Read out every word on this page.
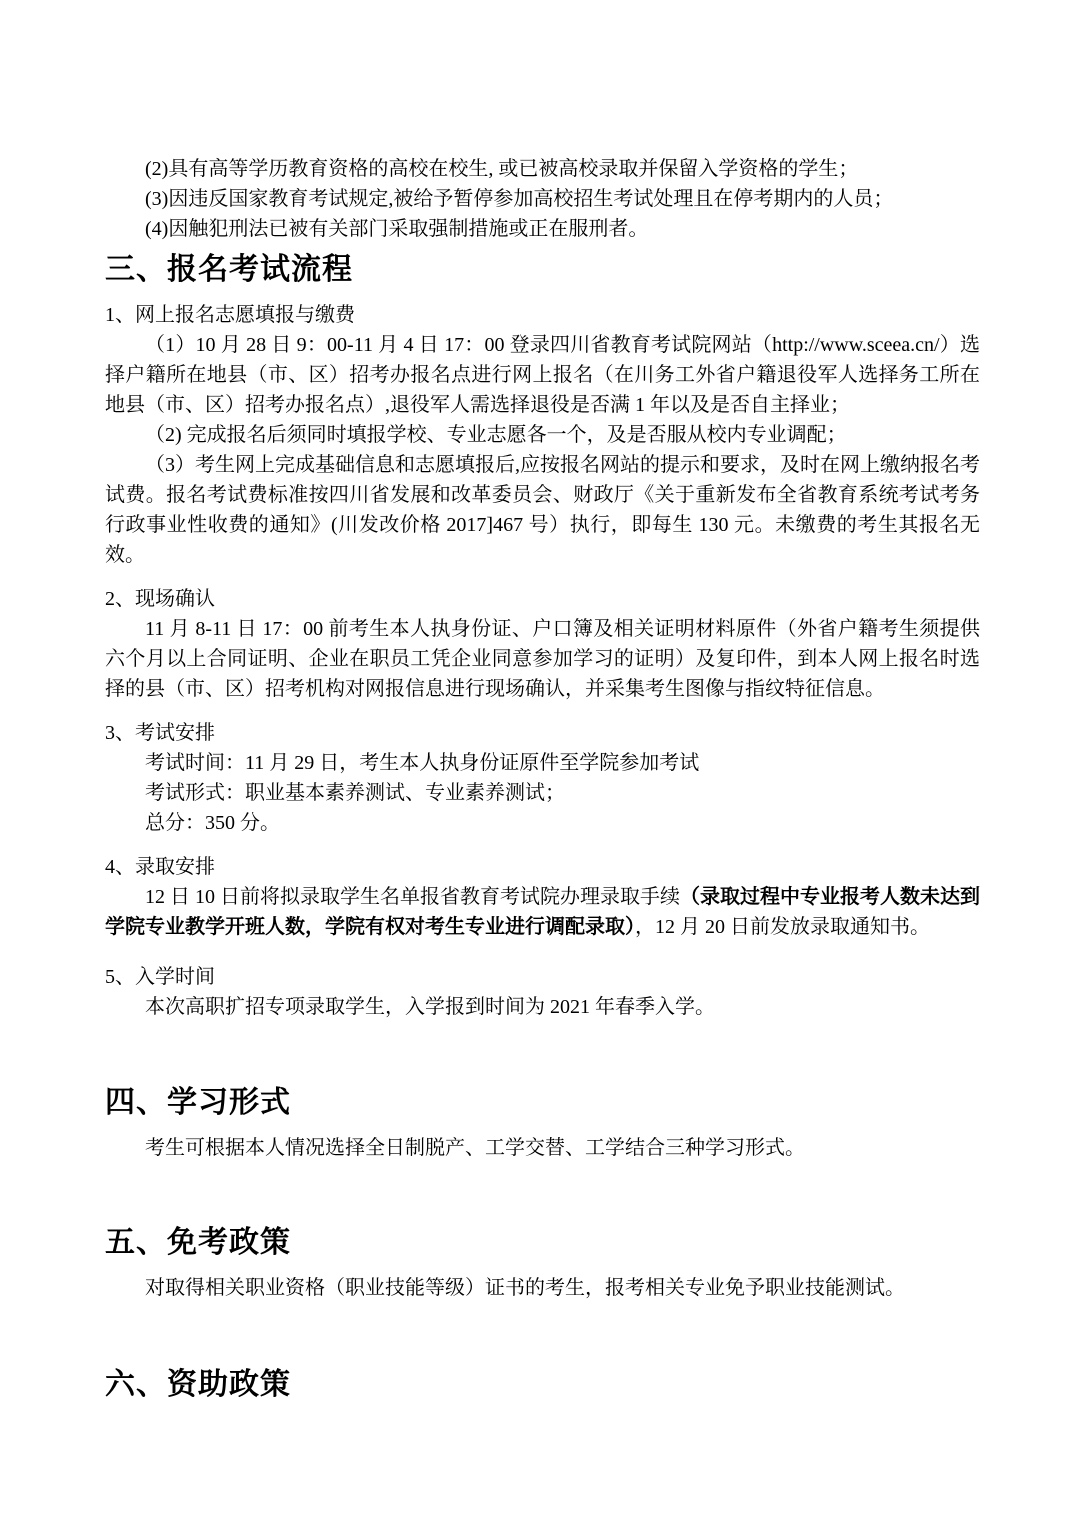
(2)具有高等学历教育资格的高校在校生, 或已被高校录取并保留入学资格的学生；

(3)因违反国家教育考试规定,被给予暂停参加高校招生考试处理且在停考期内的人员；

(4)因触犯刑法已被有关部门采取强制措施或正在服刑者。

三、报名考试流程

1、网上报名志愿填报与缴费

（1）10 月 28 日 9：00-11 月 4 日 17：00 登录四川省教育考试院网站（http://www.sceea.cn/）选择户籍所在地县（市、区）招考办报名点进行网上报名（在川务工外省户籍退役军人选择务工所在地县（市、区）招考办报名点）,退役军人需选择退役是否满 1 年以及是否自主择业；

（2) 完成报名后须同时填报学校、专业志愿各一个，及是否服从校内专业调配；

（3）考生网上完成基础信息和志愿填报后,应按报名网站的提示和要求，及时在网上缴纳报名考试费。报名考试费标准按四川省发展和改革委员会、财政厅《关于重新发布全省教育系统考试考务行政事业性收费的通知》(川发改价格 2017]467 号）执行，即每生 130 元。未缴费的考生其报名无效。

2、现场确认

11 月 8-11 日 17：00 前考生本人执身份证、户口簿及相关证明材料原件（外省户籍考生须提供六个月以上合同证明、企业在职员工凭企业同意参加学习的证明）及复印件，到本人网上报名时选择的县（市、区）招考机构对网报信息进行现场确认，并采集考生图像与指纹特征信息。

3、考试安排

考试时间：11 月 29 日，考生本人执身份证原件至学院参加考试

考试形式：职业基本素养测试、专业素养测试；

总分：350 分。

4、录取安排

12 日 10 日前将拟录取学生名单报省教育考试院办理录取手续（录取过程中专业报考人数未达到学院专业教学开班人数，学院有权对考生专业进行调配录取），12 月 20 日前发放录取通知书。

5、入学时间

本次高职扩招专项录取学生，入学报到时间为 2021 年春季入学。

四、学习形式

考生可根据本人情况选择全日制脱产、工学交替、工学结合三种学习形式。

五、免考政策

对取得相关职业资格（职业技能等级）证书的考生，报考相关专业免予职业技能测试。

六、资助政策
